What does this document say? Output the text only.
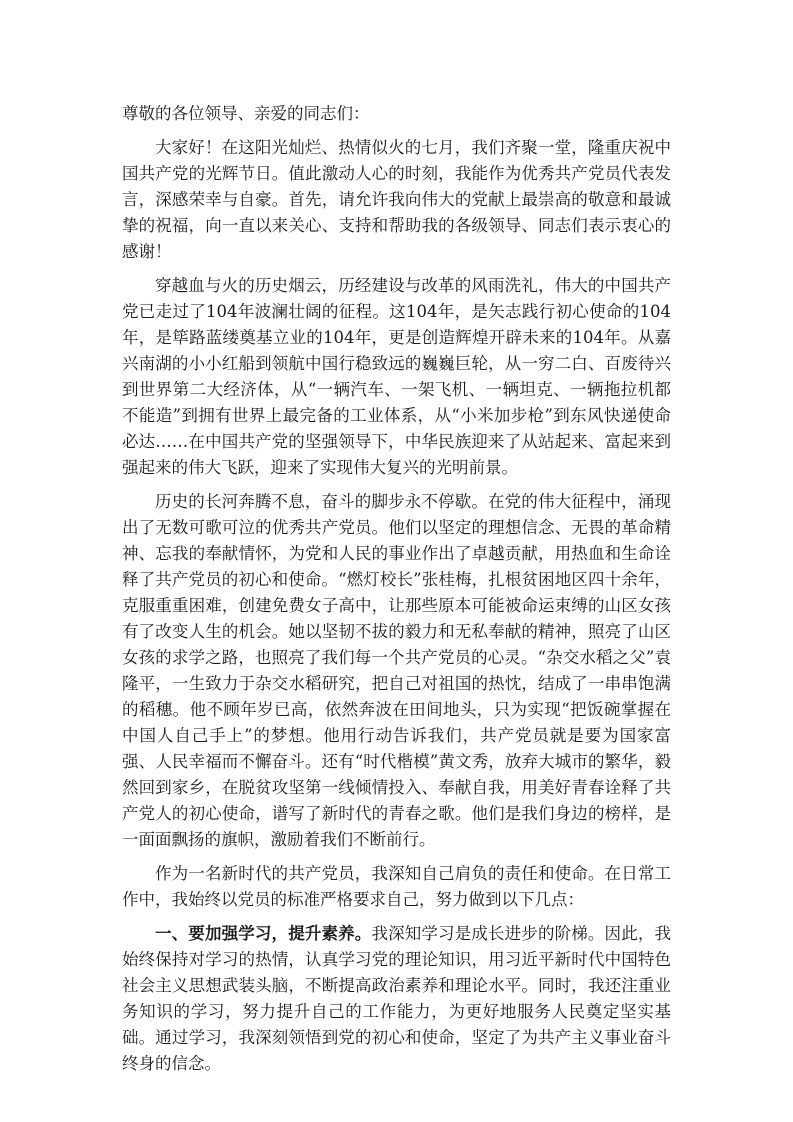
尊敬的各位领导、亲爱的同志们：

大家好！在这阳光灿烂、热情似火的七月，我们齐聚一堂，隆重庆祝中国共产党的光辉节日。值此激动人心的时刻，我能作为优秀共产党员代表发言，深感荣幸与自豪。首先，请允许我向伟大的党献上最崇高的敬意和最诚挚的祝福，向一直以来关心、支持和帮助我的各级领导、同志们表示衷心的感谢！

穿越血与火的历史烟云，历经建设与改革的风雨洗礼，伟大的中国共产党已走过了104年波澜壮阔的征程。这104年，是矢志践行初心使命的104年，是筚路蓝缕奠基立业的104年，更是创造辉煌开辟未来的104年。从嘉兴南湖的小小红船到领航中国行稳致远的巍巍巨轮，从一穷二白、百废待兴到世界第二大经济体，从“一辆汽车、一架飞机、一辆坦克、一辆拖拉机都不能造”到拥有世界上最完备的工业体系，从“小米加步枪”到东风快递使命必达……在中国共产党的坚强领导下，中华民族迎来了从站起来、富起来到强起来的伟大飞跃，迎来了实现伟大复兴的光明前景。

历史的长河奔腾不息，奋斗的脚步永不停歇。在党的伟大征程中，涌现出了无数可歌可泣的优秀共产党员。他们以坚定的理想信念、无畏的革命精神、忘我的奉献情怀，为党和人民的事业作出了卓越贡献，用热血和生命诠释了共产党员的初心和使命。“燃灯校长”张桂梅，扎根贫困地区四十余年，克服重重困难，创建免费女子高中，让那些原本可能被命运束缚的山区女孩有了改变人生的机会。她以坚韧不拔的毅力和无私奉献的精神，照亮了山区女孩的求学之路，也照亮了我们每一个共产党员的心灵。“杂交水稻之父”袁隆平，一生致力于杂交水稻研究，把自己对祖国的热忱，结成了一串串饱满的稻穗。他不顾年岁已高，依然奔波在田间地头，只为实现“把饭碗掌握在中国人自己手上”的梦想。他用行动告诉我们，共产党员就是要为国家富强、人民幸福而不懈奋斗。还有“时代楷模”黄文秀，放弃大城市的繁华，毅然回到家乡，在脱贫攻坚第一线倾情投入、奉献自我，用美好青春诠释了共产党人的初心使命，谱写了新时代的青春之歌。他们是我们身边的榜样，是一面面飘扬的旗帜，激励着我们不断前行。

作为一名新时代的共产党员，我深知自己肩负的责任和使命。在日常工作中，我始终以党员的标准严格要求自己，努力做到以下几点：

一、要加强学习，提升素养。我深知学习是成长进步的阶梯。因此，我始终保持对学习的热情，认真学习党的理论知识，用习近平新时代中国特色社会主义思想武装头脑，不断提高政治素养和理论水平。同时，我还注重业务知识的学习，努力提升自己的工作能力，为更好地服务人民奠定坚实基础。通过学习，我深刻领悟到党的初心和使命，坚定了为共产主义事业奋斗终身的信念。
